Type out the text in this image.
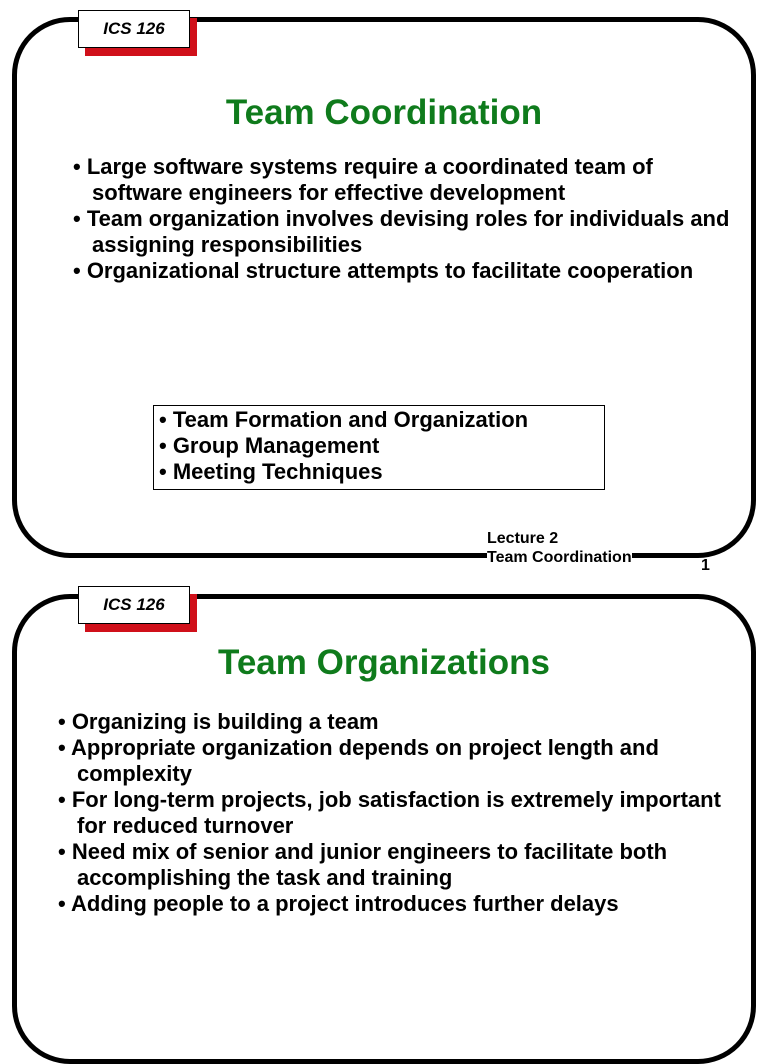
ICS 126
Team Coordination
• Large software systems require a coordinated team of software engineers for effective development
• Team organization involves devising roles for individuals and assigning responsibilities
• Organizational structure attempts to facilitate cooperation
• Team Formation and Organization
• Group Management
• Meeting Techniques
Lecture 2
Team Coordination	1
ICS 126
Team Organizations
• Organizing is building a team
• Appropriate organization depends on project length and complexity
• For long-term projects, job satisfaction is extremely important for reduced turnover
• Need mix of senior and junior engineers to facilitate both accomplishing the task and training
• Adding people to a project introduces further delays
